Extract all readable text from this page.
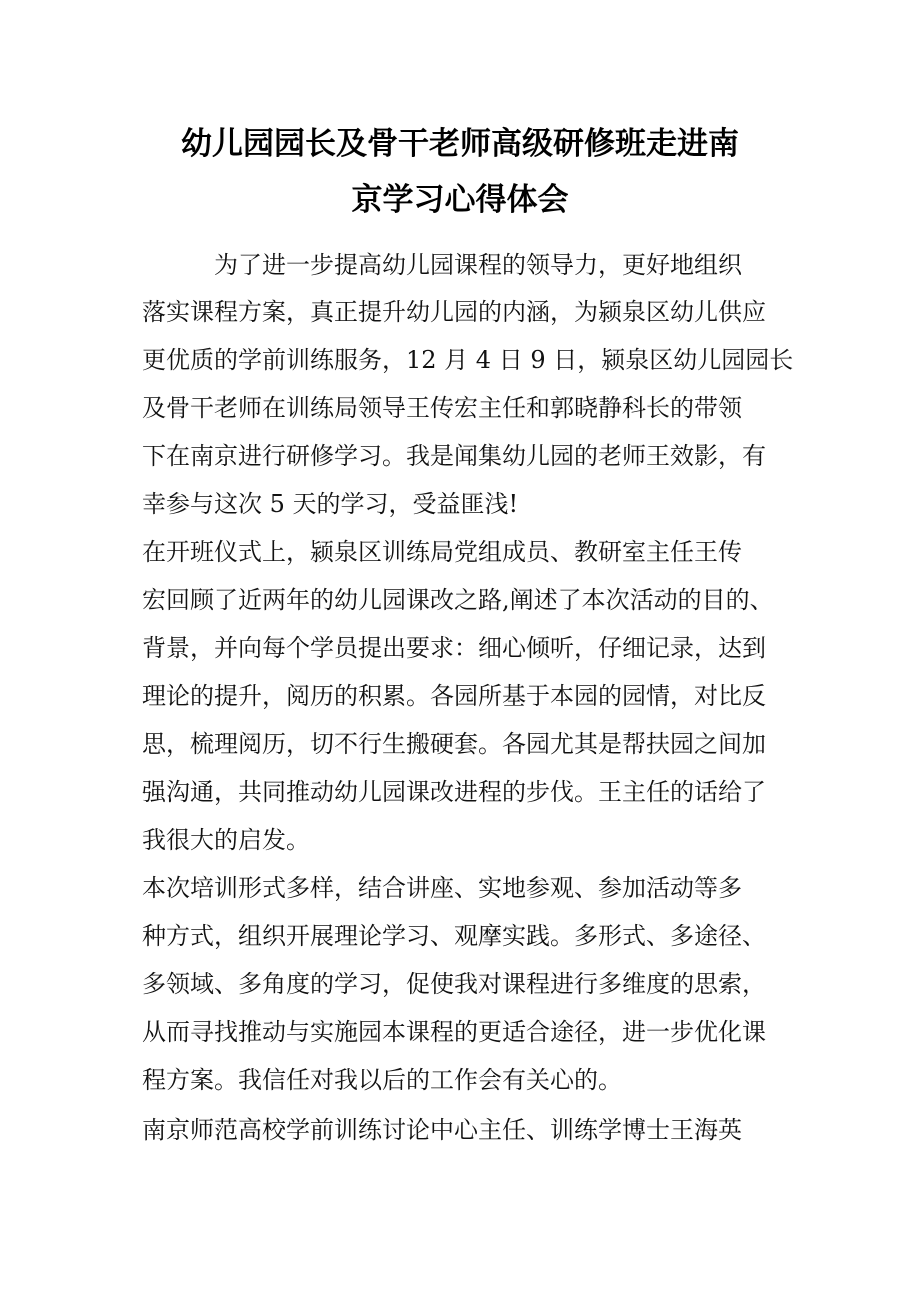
幼儿园园长及骨干老师高级研修班走进南
京学习心得体会
　　　为了进一步提高幼儿园课程的领导力，更好地组织
落实课程方案，真正提升幼儿园的内涵，为颍泉区幼儿供应
更优质的学前训练服务，12 月 4 日 9 日，颍泉区幼儿园园长
及骨干老师在训练局领导王传宏主任和郭晓静科长的带领
下在南京进行研修学习。我是闻集幼儿园的老师王效影，有
幸参与这次 5 天的学习，受益匪浅!
在开班仪式上，颍泉区训练局党组成员、教研室主任王传
宏回顾了近两年的幼儿园课改之路,阐述了本次活动的目的、
背景，并向每个学员提出要求：细心倾听，仔细记录，达到
理论的提升，阅历的积累。各园所基于本园的园情，对比反
思，梳理阅历，切不行生搬硬套。各园尤其是帮扶园之间加
强沟通，共同推动幼儿园课改进程的步伐。王主任的话给了
我很大的启发。
本次培训形式多样，结合讲座、实地参观、参加活动等多
种方式，组织开展理论学习、观摩实践。多形式、多途径、
多领域、多角度的学习，促使我对课程进行多维度的思索，
从而寻找推动与实施园本课程的更适合途径，进一步优化课
程方案。我信任对我以后的工作会有关心的。
南京师范高校学前训练讨论中心主任、训练学博士王海英
